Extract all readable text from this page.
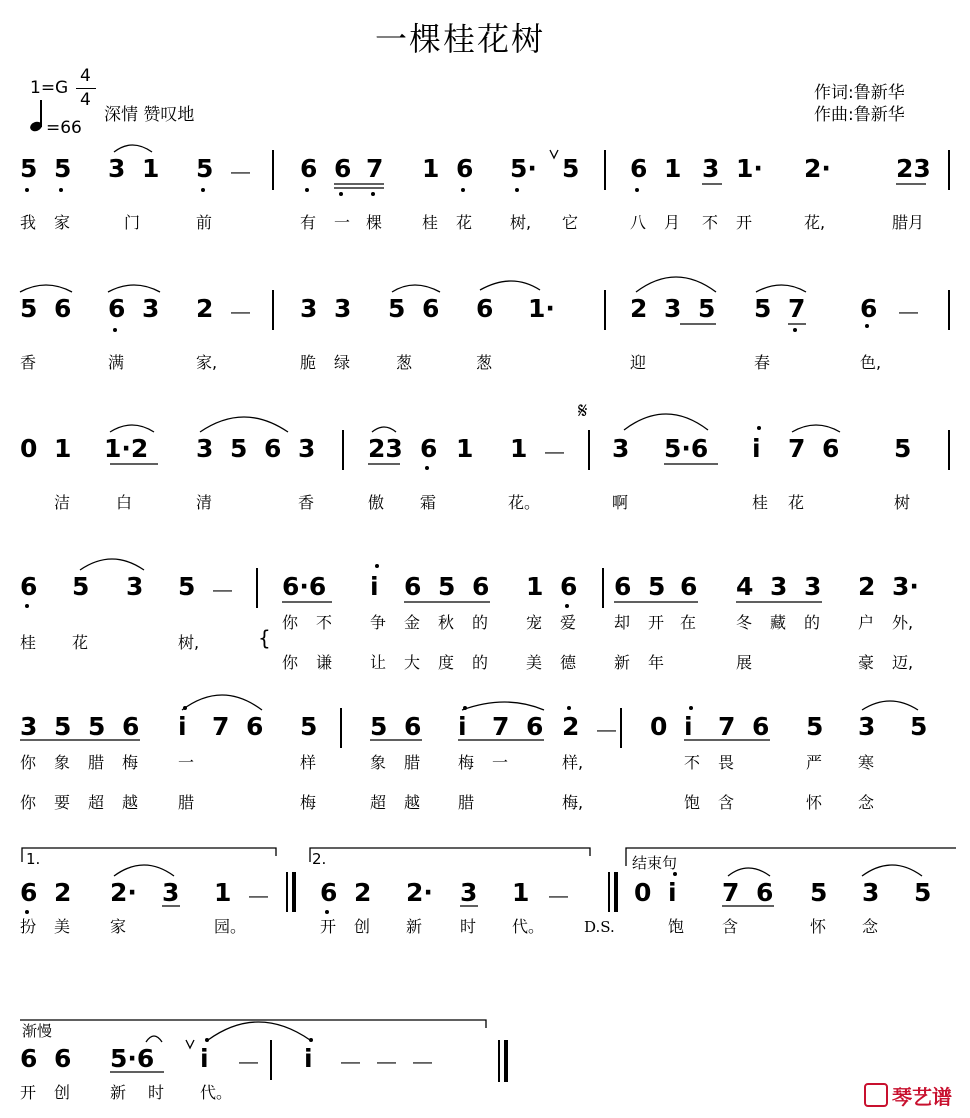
一棵桂花树
1=G
4
4
深情 赞叹地
=66
作词:鲁新华
作曲:鲁新华
5 5 3 1 5 － 6 6 7 1 6 5· 5 6 1 3 1· 2·	23
我 家	门	前	有 一 棵 桂 花 树, 它	八 月 不 开	花,	腊月
5 6 6 3 2 － 3 3 5 6 6 1·	2 3 5 5 7 6 －
香	满	家,	脆 绿	葱	葱	迎	春	色,
0 1 1·2 3 5 6 3 23 6 1 1 － 3 5·6 i 7 6 5
洁	白	清	香	傲 霜	花。	啊	桂 花	树
6 5 3 5 － 6·6 i 6 5 6 1 6 6 5 6 4 3 3 2 3·
你 不 争 金 秋 的 宠 爱 却 开 在 冬 藏 的 户 外,
桂 花	树,	{
你 谦 让 大 度 的 美 德 新 年	展	豪 迈,
3 5 5 6 i 7 6 5 5 6 i 7 6 2 － 0 i 7 6 5 3 5
你 象 腊 梅 一	样	象 腊 梅 一	样,	不 畏	严 寒
你 要 超 越 腊	梅	超 越 腊	梅,	饱 含	怀 念
1.	2.	结束句
6 2 2· 3 1 － 6 2 2· 3 1 －	0 i 7 6 5 3 5
扮 美 家	园。	开 创 新 时 代。	饱 含	怀 念
D.S.
渐慢
6 6 5·6 i － i － － －
开 创 新 时 代。	琴艺谱
𝄋
